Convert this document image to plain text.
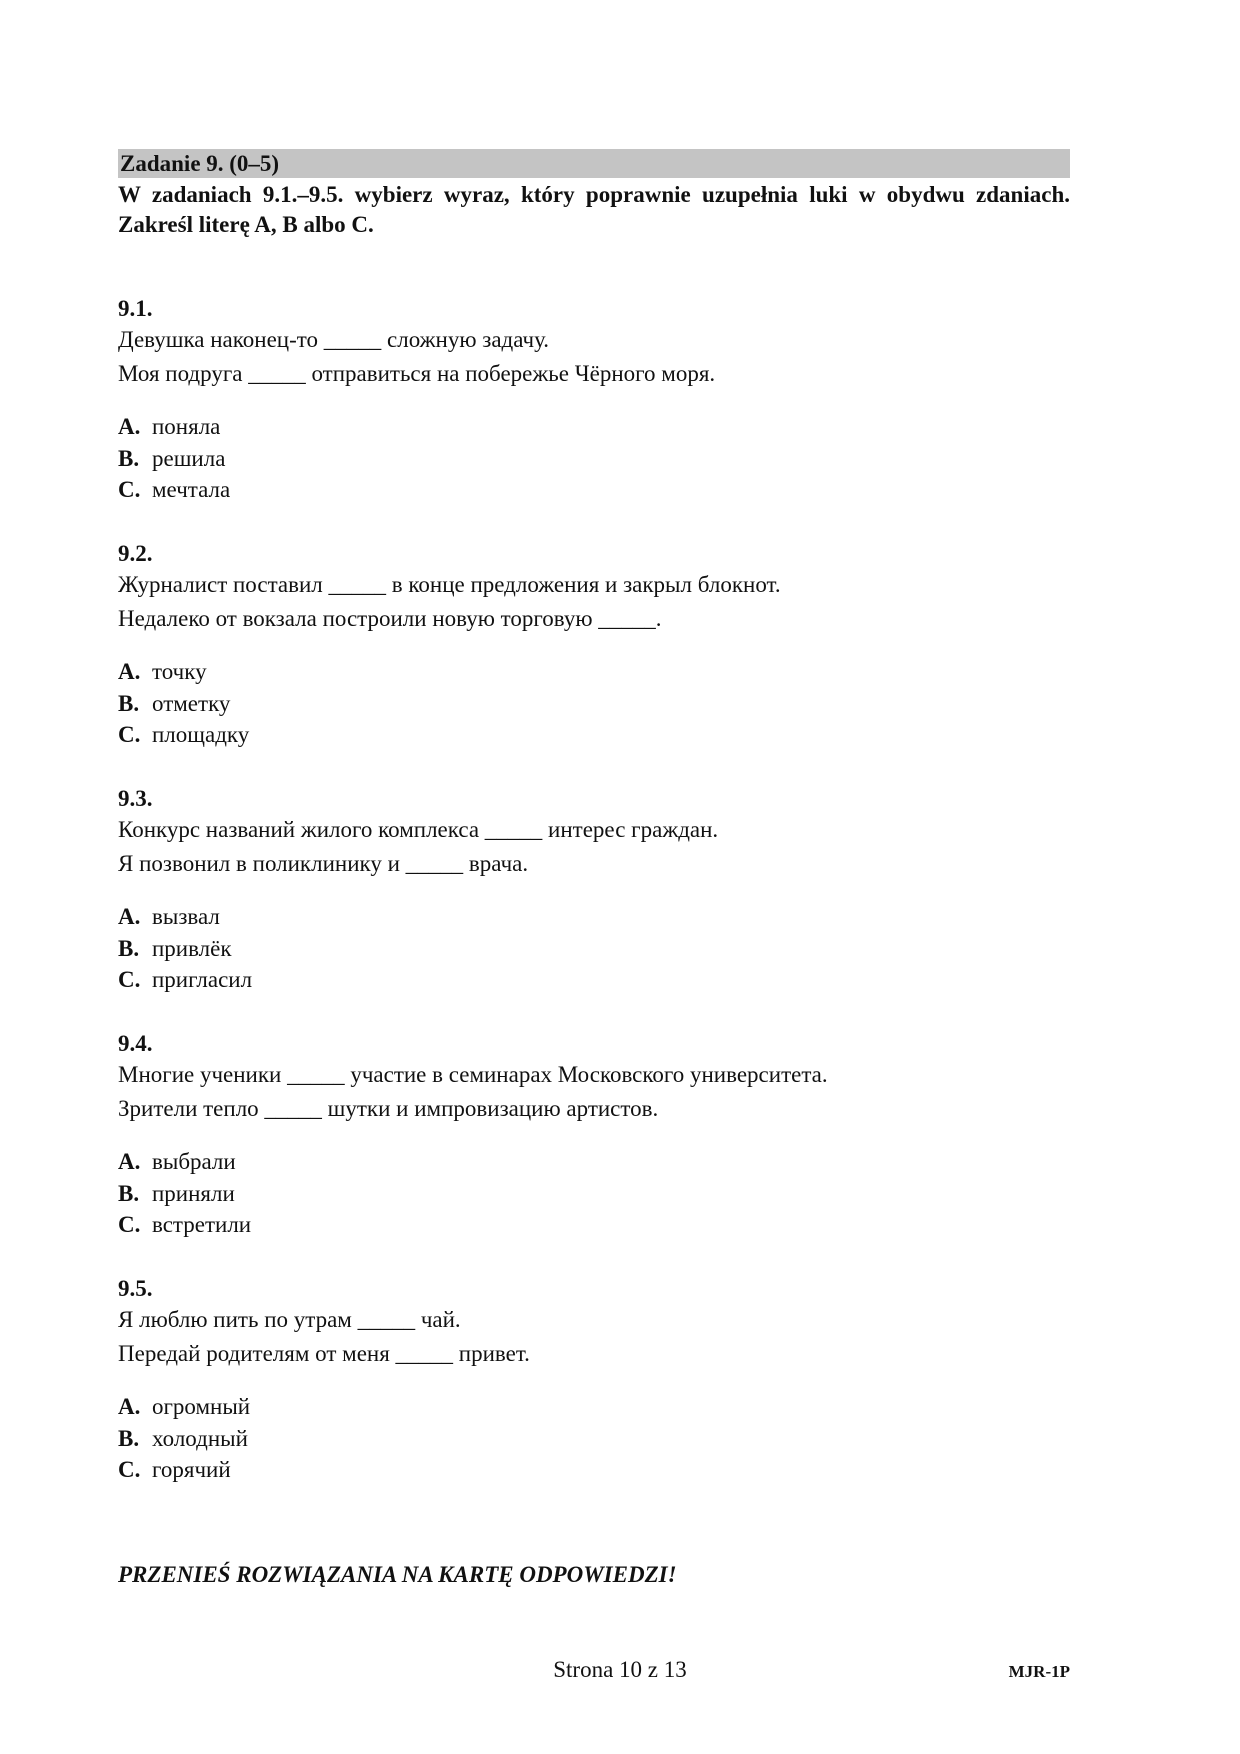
Zadanie 9. (0–5)
W zadaniach 9.1.–9.5. wybierz wyraz, który poprawnie uzupełnia luki w obydwu zdaniach. Zakreśl literę A, B albo C.
9.1.
Девушка наконец-то _____ сложную задачу.
Моя подруга _____ отправиться на побережье Чёрного моря.
A. поняла
B. решила
C. мечтала
9.2.
Журналист поставил _____ в конце предложения и закрыл блокнот.
Недалеко от вокзала построили новую торговую _____.
A. точку
B. отметку
C. площадку
9.3.
Конкурс названий жилого комплекса _____ интерес граждан.
Я позвонил в поликлинику и _____ врача.
A. вызвал
B. привлёк
C. пригласил
9.4.
Многие ученики _____ участие в семинарах Московского университета.
Зрители тепло _____ шутки и импровизацию артистов.
A. выбрали
B. приняли
C. встретили
9.5.
Я люблю пить по утрам _____ чай.
Передай родителям от меня _____ привет.
A. огромный
B. холодный
C. горячий
PRZENIEŚ ROZWIĄZANIA NA KARTĘ ODPOWIEDZI!
Strona 10 z 13	MJR-1P
